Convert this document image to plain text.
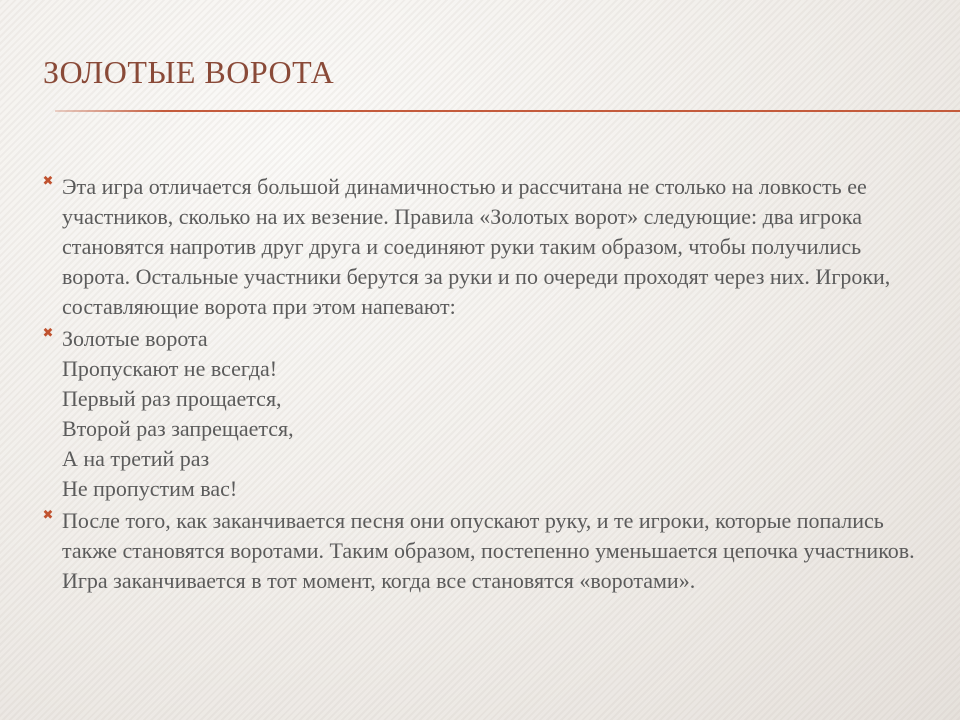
ЗОЛОТЫЕ ВОРОТА
✖ Эта игра отличается большой динамичностью и рассчитана не столько на ловкость ее участников, сколько на их везение. Правила «Золотых ворот» следующие: два игрока становятся напротив друг друга и соединяют руки таким образом, чтобы получились ворота. Остальные участники берутся за руки и по очереди проходят через них. Игроки, составляющие ворота при этом напевают:
✖ Золотые ворота
Пропускают не всегда!
Первый раз прощается,
Второй раз запрещается,
А на третий раз
Не пропустим вас!
✖ После того, как заканчивается песня они опускают руку, и те игроки, которые попались также становятся воротами. Таким образом, постепенно уменьшается цепочка участников. Игра заканчивается в тот момент, когда все становятся «воротами».
